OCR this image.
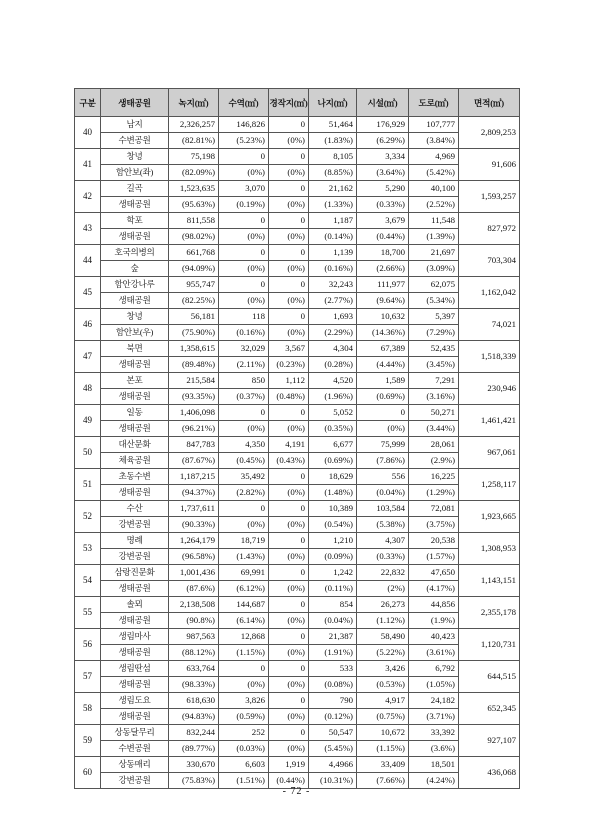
구분	생태공원	녹지(㎡)	수역(㎡)	경작지(㎡)	나지(㎡)	시설(㎡)	도로(㎡)	면적(㎡)
40	남지	2,326,257	146,826	0	51,464	176,929	107,777	2,809,253
	수변공원	(82.81%)	(5.23%)	(0%)	(1.83%)	(6.29%)	(3.84%)	
41	창녕	75,198	0	0	8,105	3,334	4,969	91,606
	함안보(좌)	(82.09%)	(0%)	(0%)	(8.85%)	(3.64%)	(5.42%)	
42	길곡	1,523,635	3,070	0	21,162	5,290	40,100	1,593,257
	생태공원	(95.63%)	(0.19%)	(0%)	(1.33%)	(0.33%)	(2.52%)	
43	학포	811,558	0	0	1,187	3,679	11,548	827,972
	생태공원	(98.02%)	(0%)	(0%)	(0.14%)	(0.44%)	(1.39%)	
44	호국의병의	661,768	0	0	1,139	18,700	21,697	703,304
	숲	(94.09%)	(0%)	(0%)	(0.16%)	(2.66%)	(3.09%)	
45	함안강나루	955,747	0	0	32,243	111,977	62,075	1,162,042
	생태공원	(82.25%)	(0%)	(0%)	(2.77%)	(9.64%)	(5.34%)	
46	창녕	56,181	118	0	1,693	10,632	5,397	74,021
	함안보(우)	(75.90%)	(0.16%)	(0%)	(2.29%)	(14.36%)	(7.29%)	
47	북면	1,358,615	32,029	3,567	4,304	67,389	52,435	1,518,339
	생태공원	(89.48%)	(2.11%)	(0.23%)	(0.28%)	(4.44%)	(3.45%)	
48	본포	215,584	850	1,112	4,520	1,589	7,291	230,946
	생태공원	(93.35%)	(0.37%)	(0.48%)	(1.96%)	(0.69%)	(3.16%)	
49	일동	1,406,098	0	0	5,052	0	50,271	1,461,421
	생태공원	(96.21%)	(0%)	(0%)	(0.35%)	(0%)	(3.44%)	
50	대산문화	847,783	4,350	4,191	6,677	75,999	28,061	967,061
	체육공원	(87.67%)	(0.45%)	(0.43%)	(0.69%)	(7.86%)	(2.9%)	
51	초동수변	1,187,215	35,492	0	18,629	556	16,225	1,258,117
	생태공원	(94.37%)	(2.82%)	(0%)	(1.48%)	(0.04%)	(1.29%)	
52	수산	1,737,611	0	0	10,389	103,584	72,081	1,923,665
	강변공원	(90.33%)	(0%)	(0%)	(0.54%)	(5.38%)	(3.75%)	
53	명례	1,264,179	18,719	0	1,210	4,307	20,538	1,308,953
	강변공원	(96.58%)	(1.43%)	(0%)	(0.09%)	(0.33%)	(1.57%)	
54	삼랑진문화	1,001,436	69,991	0	1,242	22,832	47,650	1,143,151
	생태공원	(87.6%)	(6.12%)	(0%)	(0.11%)	(2%)	(4.17%)	
55	솔뫼	2,138,508	144,687	0	854	26,273	44,856	2,355,178
	생태공원	(90.8%)	(6.14%)	(0%)	(0.04%)	(1.12%)	(1.9%)	
56	생림마사	987,563	12,868	0	21,387	58,490	40,423	1,120,731
	생태공원	(88.12%)	(1.15%)	(0%)	(1.91%)	(5.22%)	(3.61%)	
57	생림딴섬	633,764	0	0	533	3,426	6,792	644,515
	생태공원	(98.33%)	(0%)	(0%)	(0.08%)	(0.53%)	(1.05%)	
58	생림도요	618,630	3,826	0	790	4,917	24,182	652,345
	생태공원	(94.83%)	(0.59%)	(0%)	(0.12%)	(0.75%)	(3.71%)	
59	상동달무리	832,244	252	0	50,547	10,672	33,392	927,107
	수변공원	(89.77%)	(0.03%)	(0%)	(5.45%)	(1.15%)	(3.6%)	
60	상동매리	330,670	6,603	1,919	4,4966	33,409	18,501	436,068
	강변공원	(75.83%)	(1.51%)	(0.44%)	(10.31%)	(7.66%)	(4.24%)	
- 72 -
